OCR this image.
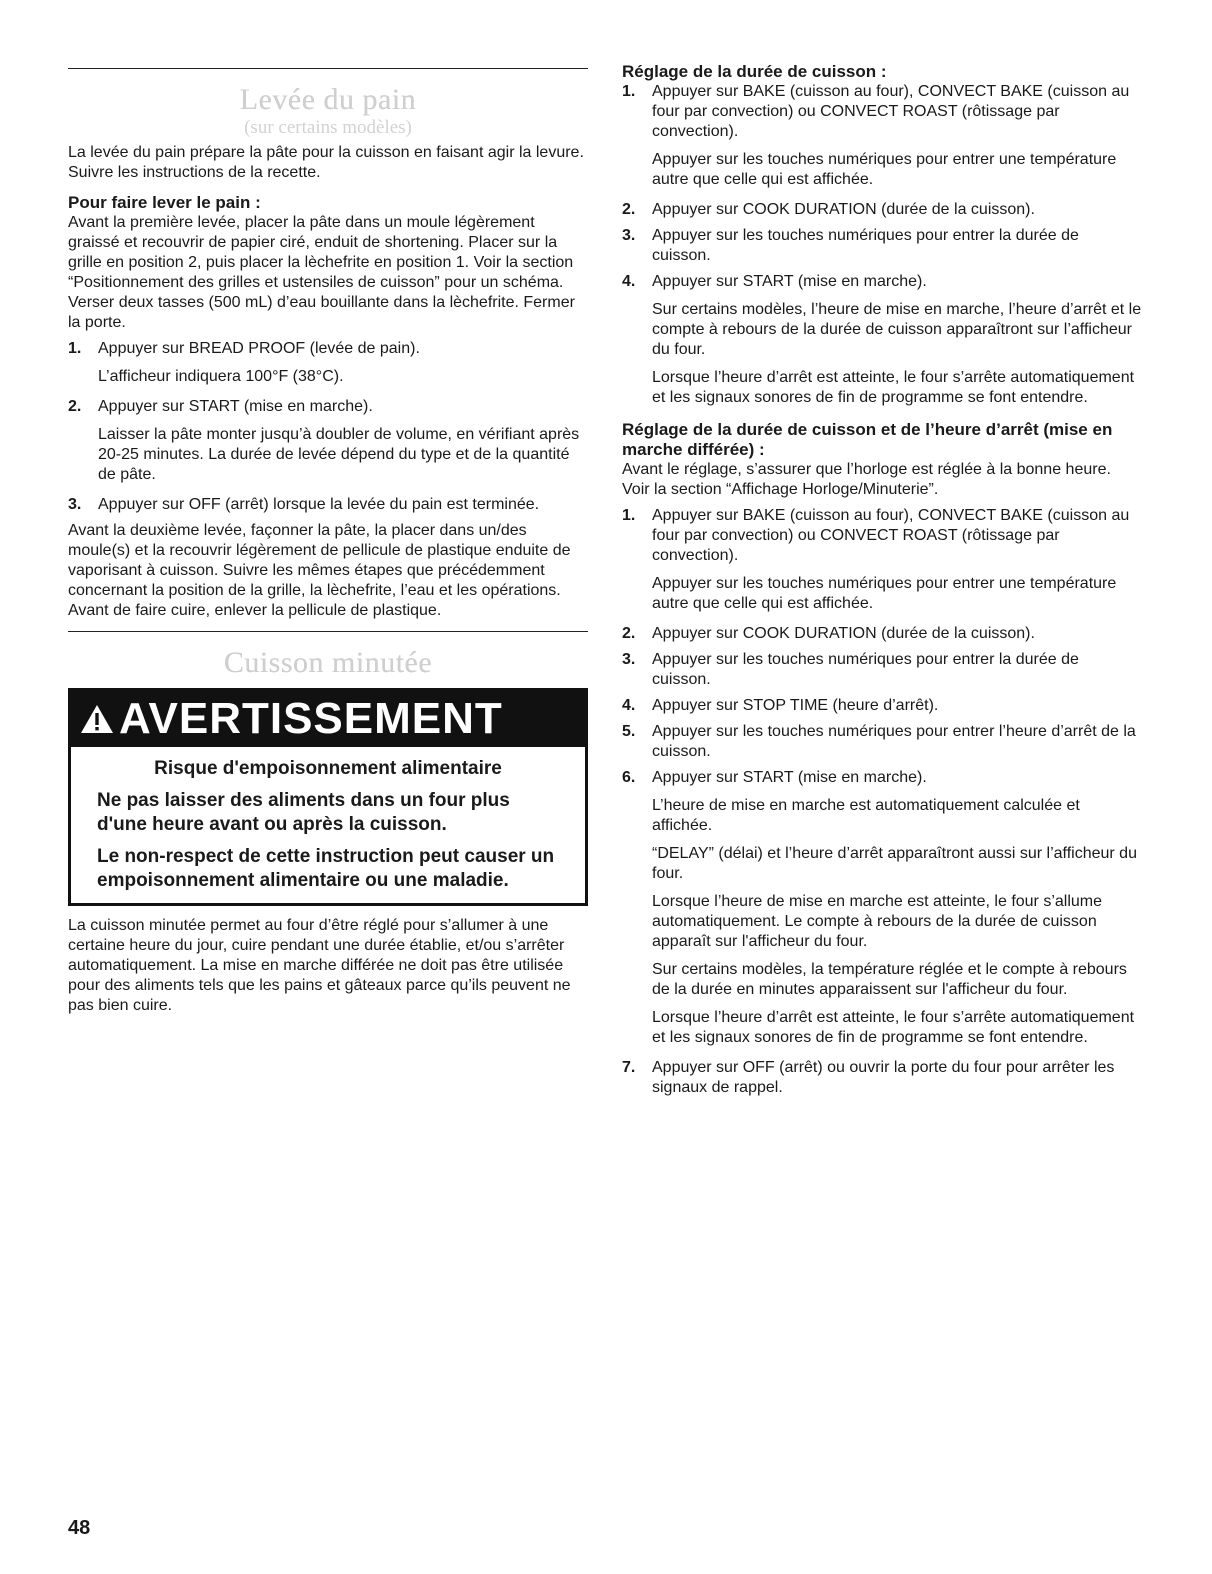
Levée du pain
(sur certains modèles)

La levée du pain prépare la pâte pour la cuisson en faisant agir la levure. Suivre les instructions de la recette.

Pour faire lever le pain :

Avant la première levée, placer la pâte dans un moule légèrement graissé et recouvrir de papier ciré, enduit de shortening. Placer sur la grille en position 2, puis placer la lèchefrite en position 1. Voir la section “Positionnement des grilles et ustensiles de cuisson” pour un schéma. Verser deux tasses (500 mL) d’eau bouillante dans la lèchefrite. Fermer la porte.

1. Appuyer sur BREAD PROOF (levée de pain).
L’afficheur indiquera 100°F (38°C).
2. Appuyer sur START (mise en marche).
Laisser la pâte monter jusqu’à doubler de volume, en vérifiant après 20-25 minutes. La durée de levée dépend du type et de la quantité de pâte.
3. Appuyer sur OFF (arrêt) lorsque la levée du pain est terminée.

Avant la deuxième levée, façonner la pâte, la placer dans un/des moule(s) et la recouvrir légèrement de pellicule de plastique enduite de vaporisant à cuisson. Suivre les mêmes étapes que précédemment concernant la position de la grille, la lèchefrite, l’eau et les opérations. Avant de faire cuire, enlever la pellicule de plastique.

Cuisson minutée
AVERTISSEMENT
Risque d'empoisonnement alimentaire
Ne pas laisser des aliments dans un four plus d'une heure avant ou après la cuisson.
Le non-respect de cette instruction peut causer un empoisonnement alimentaire ou une maladie.

La cuisson minutée permet au four d’être réglé pour s’allumer à une certaine heure du jour, cuire pendant une durée établie, et/ou s’arrêter automatiquement. La mise en marche différée ne doit pas être utilisée pour des aliments tels que les pains et gâteaux parce qu’ils peuvent ne pas bien cuire.

Réglage de la durée de cuisson :

1. Appuyer sur BAKE (cuisson au four), CONVECT BAKE (cuisson au four par convection) ou CONVECT ROAST (rôtissage par convection).
Appuyer sur les touches numériques pour entrer une température autre que celle qui est affichée.
2. Appuyer sur COOK DURATION (durée de la cuisson).
3. Appuyer sur les touches numériques pour entrer la durée de cuisson.
4. Appuyer sur START (mise en marche).
Sur certains modèles, l’heure de mise en marche, l’heure d’arrêt et le compte à rebours de la durée de cuisson apparaîtront sur l’afficheur du four.
Lorsque l’heure d’arrêt est atteinte, le four s’arrête automatiquement et les signaux sonores de fin de programme se font entendre.

Réglage de la durée de cuisson et de l’heure d’arrêt (mise en marche différée) :

Avant le réglage, s’assurer que l’horloge est réglée à la bonne heure. Voir la section “Affichage Horloge/Minuterie”.

1. Appuyer sur BAKE (cuisson au four), CONVECT BAKE (cuisson au four par convection) ou CONVECT ROAST (rôtissage par convection).
Appuyer sur les touches numériques pour entrer une température autre que celle qui est affichée.
2. Appuyer sur COOK DURATION (durée de la cuisson).
3. Appuyer sur les touches numériques pour entrer la durée de cuisson.
4. Appuyer sur STOP TIME (heure d’arrêt).
5. Appuyer sur les touches numériques pour entrer l’heure d’arrêt de la cuisson.
6. Appuyer sur START (mise en marche).
L’heure de mise en marche est automatiquement calculée et affichée.
“DELAY” (délai) et l’heure d’arrêt apparaîtront aussi sur l’afficheur du four.
Lorsque l’heure de mise en marche est atteinte, le four s’allume automatiquement. Le compte à rebours de la durée de cuisson apparaît sur l'afficheur du four.
Sur certains modèles, la température réglée et le compte à rebours de la durée en minutes apparaissent sur l'afficheur du four.
Lorsque l’heure d’arrêt est atteinte, le four s’arrête automatiquement et les signaux sonores de fin de programme se font entendre.
7. Appuyer sur OFF (arrêt) ou ouvrir la porte du four pour arrêter les signaux de rappel.
48
